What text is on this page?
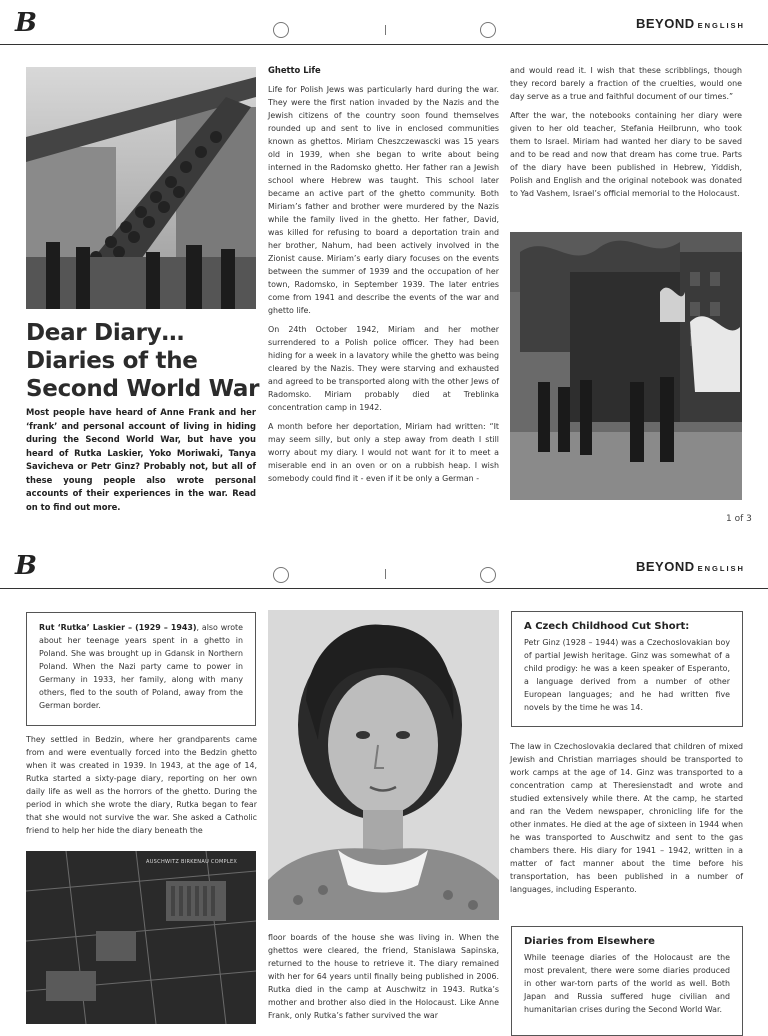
B	BEYOND ENGLISH
Dear Diary…
Diaries of the
Second World War
Most people have heard of Anne Frank and her ‘frank’ and personal account of living in hiding during the Second World War, but have you heard of Rutka Laskier, Yoko Moriwaki, Tanya Savicheva or Petr Ginz? Probably not, but all of these young people also wrote personal accounts of their experiences in the war. Read on to find out more.
Ghetto Life

Life for Polish Jews was particularly hard during the war. They were the first nation invaded by the Nazis and the Jewish citizens of the country soon found themselves rounded up and sent to live in enclosed communities known as ghettos. Miriam Cheszczewascki was 15 years old in 1939, when she began to write about being interned in the Radomsko ghetto. Her father ran a Jewish school where Hebrew was taught. This school later became an active part of the ghetto community. Both Miriam’s father and brother were murdered by the Nazis while the family lived in the ghetto. Her father, David, was killed for refusing to board a deportation train and her brother, Nahum, had been actively involved in the Zionist cause. Miriam’s early diary focuses on the events between the summer of 1939 and the occupation of her town, Radomsko, in September 1939. The later entries come from 1941 and describe the events of the war and ghetto life.

On 24th October 1942, Miriam and her mother surrendered to a Polish police officer. They had been hiding for a week in a lavatory while the ghetto was being cleared by the Nazis. They were starving and exhausted and agreed to be transported along with the other Jews of Radomsko. Miriam probably died at Treblinka concentration camp in 1942.

A month before her deportation, Miriam had written: “It may seem silly, but only a step away from death I still worry about my diary. I would not want for it to meet a miserable end in an oven or on a rubbish heap. I wish somebody could find it - even if it be only a German -

and would read it. I wish that these scribblings, though they record barely a fraction of the cruelties, would one day serve as a true and faithful document of our times.”

After the war, the notebooks containing her diary were given to her old teacher, Stefania Heilbrunn, who took them to Israel. Miriam had wanted her diary to be saved and to be read and now that dream has come true. Parts of the diary have been published in Hebrew, Yiddish, Polish and English and the original notebook was donated to Yad Vashem, Israel’s official memorial to the Holocaust.

1 of 3
B	BEYOND ENGLISH
Rut ‘Rutka’ Laskier – (1929 – 1943), also wrote about her teenage years spent in a ghetto in Poland. She was brought up in Gdansk in Northern Poland. When the Nazi party came to power in Germany in 1933, her family, along with many others, fled to the south of Poland, away from the German border.
They settled in Bedzin, where her grandparents came from and were eventually forced into the Bedzin ghetto when it was created in 1939. In 1943, at the age of 14, Rutka started a sixty-page diary, reporting on her own daily life as well as the horrors of the ghetto. During the period in which she wrote the diary, Rutka began to fear that she would not survive the war. She asked a Catholic friend to help her hide the diary beneath the
AUSCHWITZ BIRKENAU COMPLEX
floor boards of the house she was living in. When the ghettos were cleared, the friend, Stanislawa Sapinska, returned to the house to retrieve it. The diary remained with her for 64 years until finally being published in 2006. Rutka died in the camp at Auschwitz in 1943. Rutka’s mother and brother also died in the Holocaust. Like Anne Frank, only Rutka’s father survived the war
A Czech Childhood Cut Short:
Petr Ginz (1928 – 1944) was a Czechoslovakian boy of partial Jewish heritage. Ginz was somewhat of a child prodigy: he was a keen speaker of Esperanto, a language derived from a number of other European languages; and he had written five novels by the time he was 14.
The law in Czechoslovakia declared that children of mixed Jewish and Christian marriages should be transported to work camps at the age of 14. Ginz was transported to a concentration camp at Theresienstadt and wrote and studied extensively while there. At the camp, he started and ran the Vedem newspaper, chronicling life for the other inmates. He died at the age of sixteen in 1944 when he was transported to Auschwitz and sent to the gas chambers there. His diary for 1941 – 1942, written in a matter of fact manner about the time before his transportation, has been published in a number of languages, including Esperanto.
Diaries from Elsewhere
While teenage diaries of the Holocaust are the most prevalent, there were some diaries produced in other war-torn parts of the world as well. Both Japan and Russia suffered huge civilian and humanitarian crises during the Second World War.
